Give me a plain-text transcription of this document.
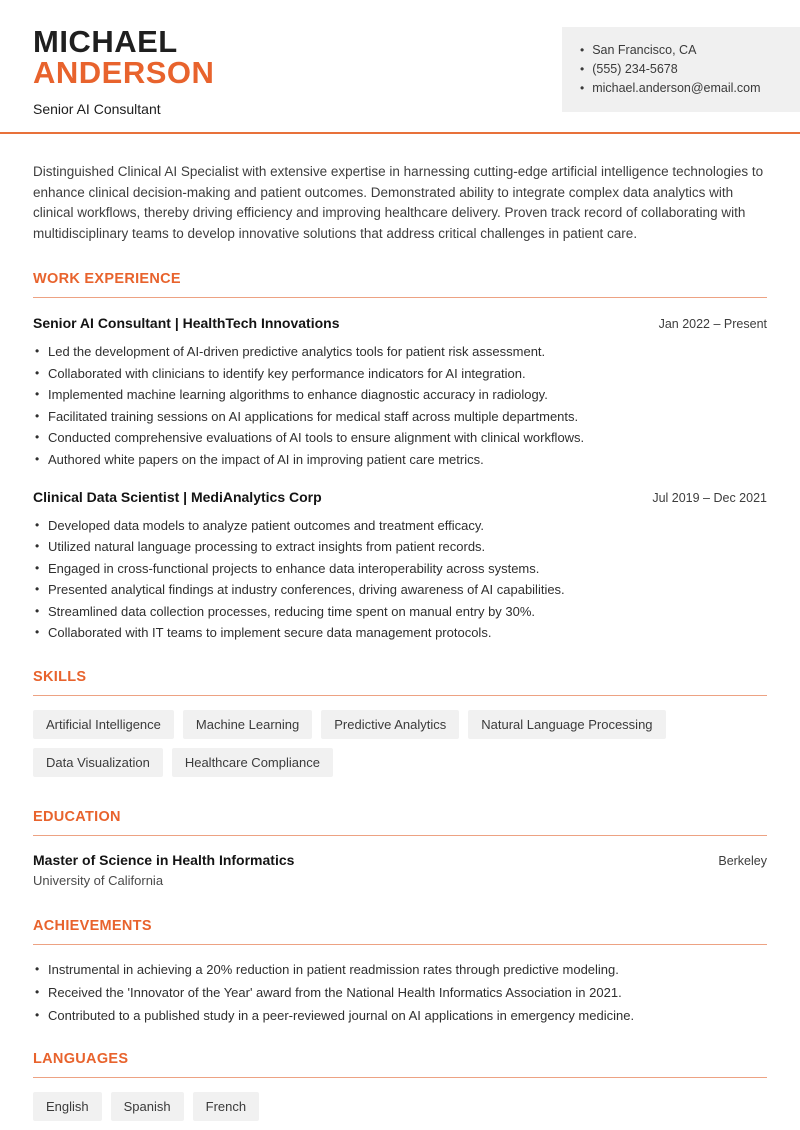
MICHAEL
ANDERSON
Senior AI Consultant
• San Francisco, CA
• (555) 234-5678
• michael.anderson@email.com

Distinguished Clinical AI Specialist with extensive expertise in harnessing cutting-edge artificial intelligence technologies to enhance clinical decision-making and patient outcomes. Demonstrated ability to integrate complex data analytics with clinical workflows, thereby driving efficiency and improving healthcare delivery. Proven track record of collaborating with multidisciplinary teams to develop innovative solutions that address critical challenges in patient care.

WORK EXPERIENCE
Senior AI Consultant | HealthTech Innovations	Jan 2022 – Present
• Led the development of AI-driven predictive analytics tools for patient risk assessment.
• Collaborated with clinicians to identify key performance indicators for AI integration.
• Implemented machine learning algorithms to enhance diagnostic accuracy in radiology.
• Facilitated training sessions on AI applications for medical staff across multiple departments.
• Conducted comprehensive evaluations of AI tools to ensure alignment with clinical workflows.
• Authored white papers on the impact of AI in improving patient care metrics.
Clinical Data Scientist | MediAnalytics Corp	Jul 2019 – Dec 2021
• Developed data models to analyze patient outcomes and treatment efficacy.
• Utilized natural language processing to extract insights from patient records.
• Engaged in cross-functional projects to enhance data interoperability across systems.
• Presented analytical findings at industry conferences, driving awareness of AI capabilities.
• Streamlined data collection processes, reducing time spent on manual entry by 30%.
• Collaborated with IT teams to implement secure data management protocols.
SKILLS
Artificial Intelligence	Machine Learning	Predictive Analytics	Natural Language Processing
Data Visualization	Healthcare Compliance
EDUCATION
Master of Science in Health Informatics	Berkeley
University of California
ACHIEVEMENTS
• Instrumental in achieving a 20% reduction in patient readmission rates through predictive modeling.
• Received the 'Innovator of the Year' award from the National Health Informatics Association in 2021.
• Contributed to a published study in a peer-reviewed journal on AI applications in emergency medicine.
LANGUAGES
English	Spanish	French
